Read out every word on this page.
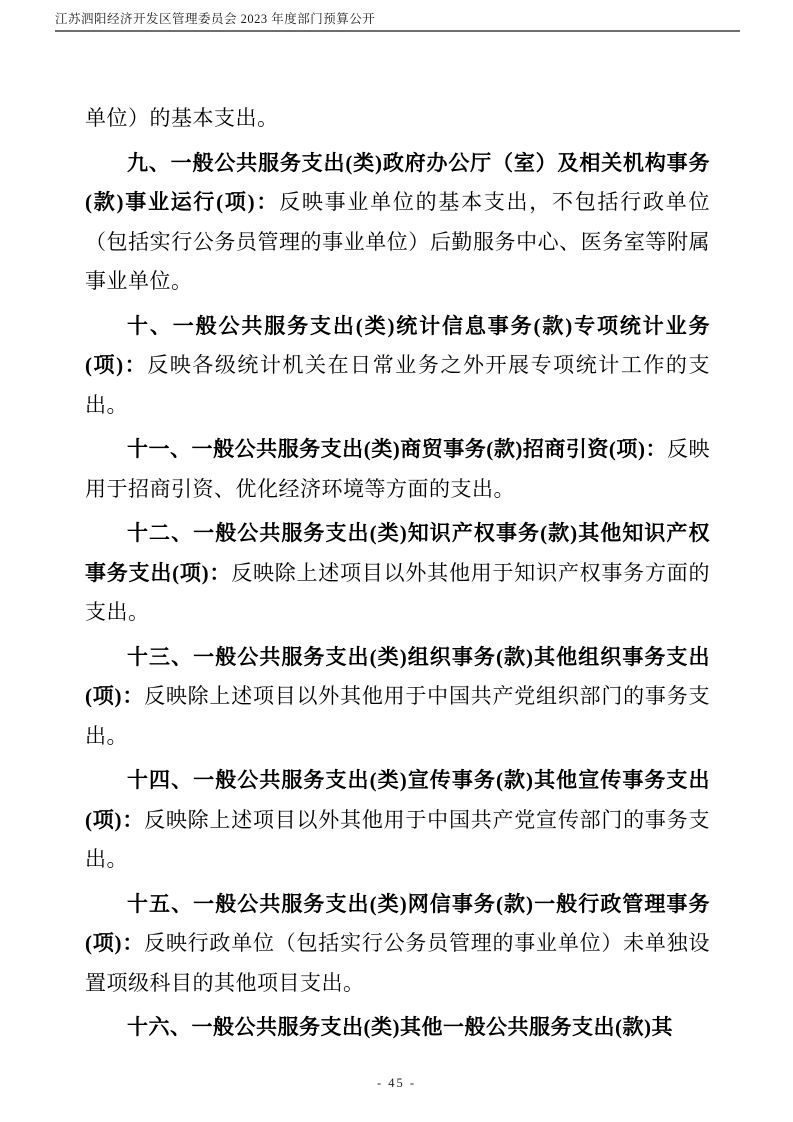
江苏泗阳经济开发区管理委员会 2023 年度部门预算公开

单位）的基本支出。

九、一般公共服务支出(类)政府办公厅（室）及相关机构事务(款)事业运行(项)：反映事业单位的基本支出，不包括行政单位（包括实行公务员管理的事业单位）后勤服务中心、医务室等附属事业单位。

十、一般公共服务支出(类)统计信息事务(款)专项统计业务(项)：反映各级统计机关在日常业务之外开展专项统计工作的支出。

十一、一般公共服务支出(类)商贸事务(款)招商引资(项)：反映用于招商引资、优化经济环境等方面的支出。

十二、一般公共服务支出(类)知识产权事务(款)其他知识产权事务支出(项)：反映除上述项目以外其他用于知识产权事务方面的支出。

十三、一般公共服务支出(类)组织事务(款)其他组织事务支出(项)：反映除上述项目以外其他用于中国共产党组织部门的事务支出。

十四、一般公共服务支出(类)宣传事务(款)其他宣传事务支出(项)：反映除上述项目以外其他用于中国共产党宣传部门的事务支出。

十五、一般公共服务支出(类)网信事务(款)一般行政管理事务(项)：反映行政单位（包括实行公务员管理的事业单位）未单独设置项级科目的其他项目支出。

十六、一般公共服务支出(类)其他一般公共服务支出(款)其

- 45 -
